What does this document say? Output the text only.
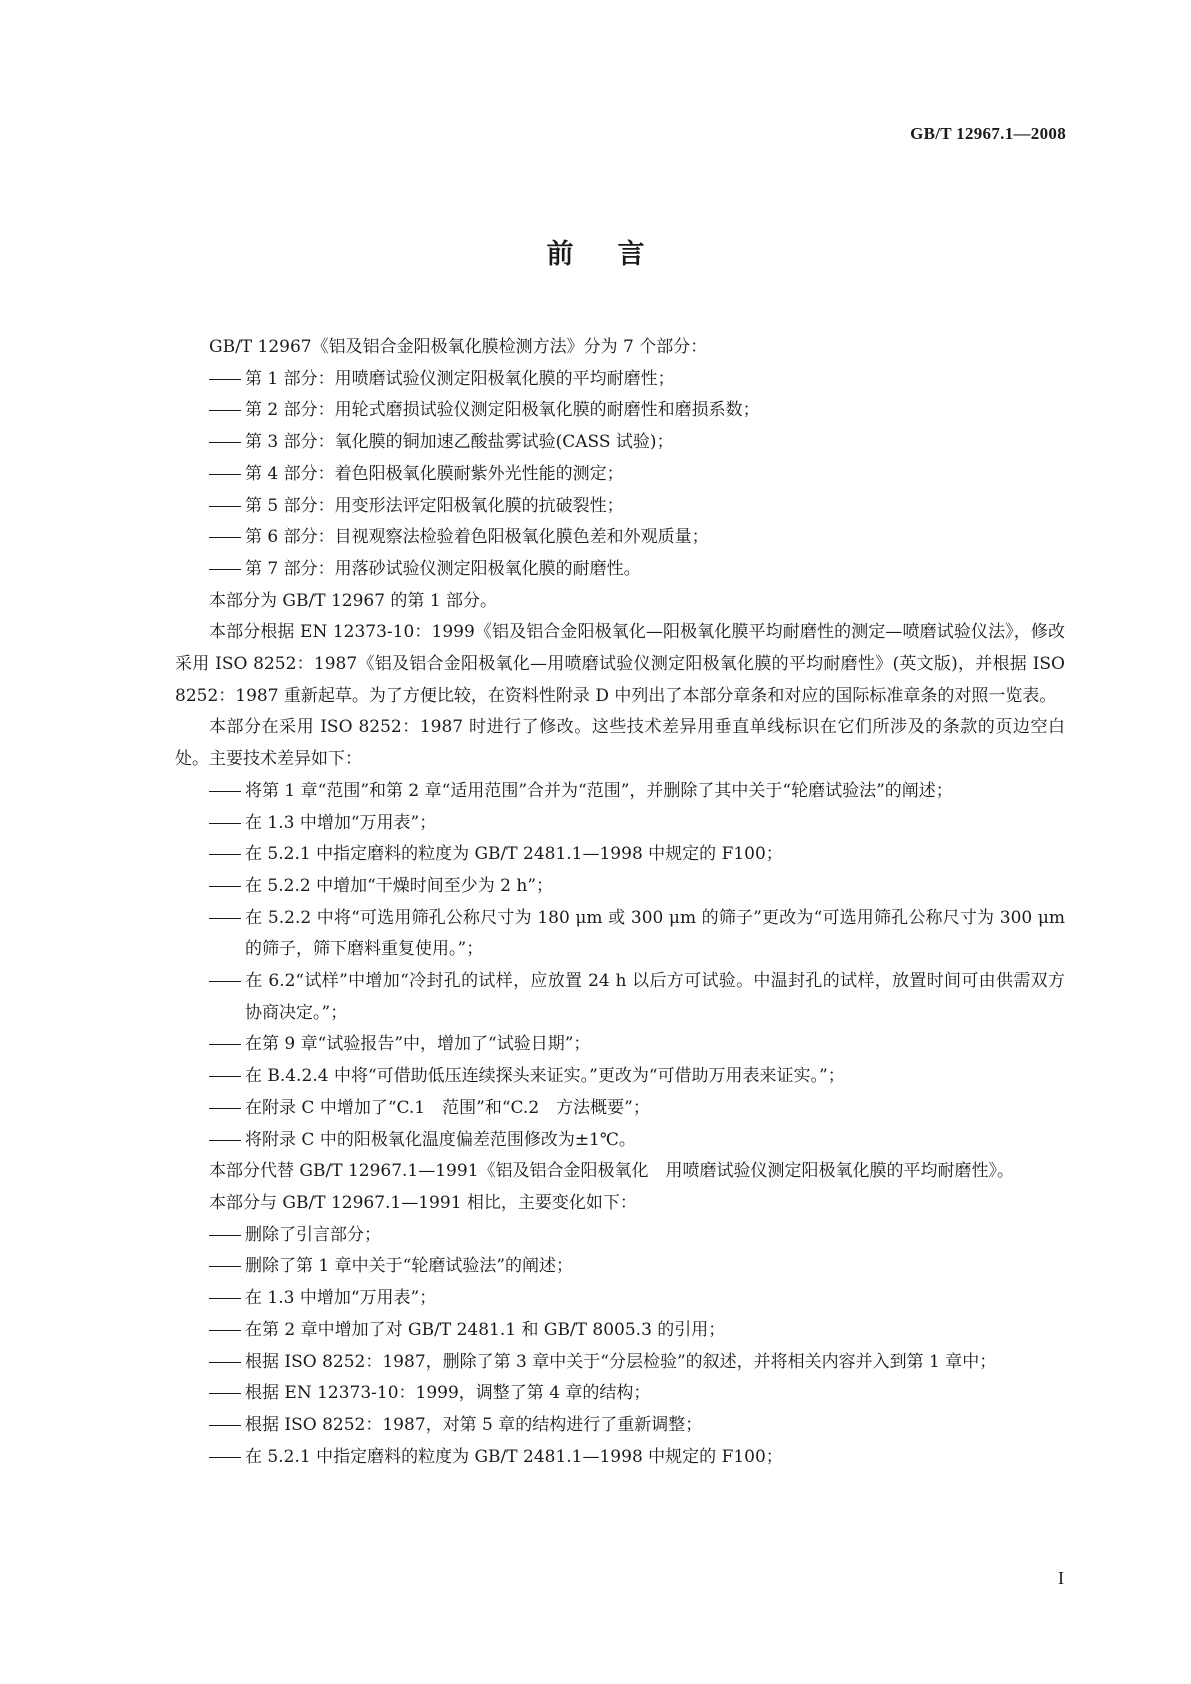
GB/T 12967.1—2008
前言

GB/T 12967《铝及铝合金阳极氧化膜检测方法》分为 7 个部分：

第 1 部分：用喷磨试验仪测定阳极氧化膜的平均耐磨性；

第 2 部分：用轮式磨损试验仪测定阳极氧化膜的耐磨性和磨损系数；

第 3 部分：氧化膜的铜加速乙酸盐雾试验(CASS 试验)；

第 4 部分：着色阳极氧化膜耐紫外光性能的测定；

第 5 部分：用变形法评定阳极氧化膜的抗破裂性；

第 6 部分：目视观察法检验着色阳极氧化膜色差和外观质量；

第 7 部分：用落砂试验仪测定阳极氧化膜的耐磨性。

本部分为 GB/T 12967 的第 1 部分。

本部分根据 EN 12373-10：1999《铝及铝合金阳极氧化—阳极氧化膜平均耐磨性的测定—喷磨试验仪法》，修改采用 ISO 8252：1987《铝及铝合金阳极氧化—用喷磨试验仪测定阳极氧化膜的平均耐磨性》(英文版)，并根据 ISO 8252：1987 重新起草。为了方便比较，在资料性附录 D 中列出了本部分章条和对应的国际标准章条的对照一览表。

本部分在采用 ISO 8252：1987 时进行了修改。这些技术差异用垂直单线标识在它们所涉及的条款的页边空白处。主要技术差异如下：

将第 1 章“范围”和第 2 章“适用范围”合并为“范围”，并删除了其中关于“轮磨试验法”的阐述；

在 1.3 中增加“万用表”；

在 5.2.1 中指定磨料的粒度为 GB/T 2481.1—1998 中规定的 F100；

在 5.2.2 中增加“干燥时间至少为 2 h”；

在 5.2.2 中将“可选用筛孔公称尺寸为 180 μm 或 300 μm 的筛子”更改为“可选用筛孔公称尺寸为 300 μm 的筛子，筛下磨料重复使用。”；

在 6.2“试样”中增加“冷封孔的试样，应放置 24 h 以后方可试验。中温封孔的试样，放置时间可由供需双方协商决定。”；

在第 9 章“试验报告”中，增加了“试验日期”；

在 B.4.2.4 中将“可借助低压连续探头来证实。”更改为“可借助万用表来证实。”；

在附录 C 中增加了“C.1　范围”和“C.2　方法概要”；

将附录 C 中的阳极氧化温度偏差范围修改为±1℃。

本部分代替 GB/T 12967.1—1991《铝及铝合金阳极氧化　用喷磨试验仪测定阳极氧化膜的平均耐磨性》。

本部分与 GB/T 12967.1—1991 相比，主要变化如下：

删除了引言部分；

删除了第 1 章中关于“轮磨试验法”的阐述；

在 1.3 中增加“万用表”；

在第 2 章中增加了对 GB/T 2481.1 和 GB/T 8005.3 的引用；

根据 ISO 8252：1987，删除了第 3 章中关于“分层检验”的叙述，并将相关内容并入到第 1 章中；

根据 EN 12373-10：1999，调整了第 4 章的结构；

根据 ISO 8252：1987，对第 5 章的结构进行了重新调整；

在 5.2.1 中指定磨料的粒度为 GB/T 2481.1—1998 中规定的 F100；

I
